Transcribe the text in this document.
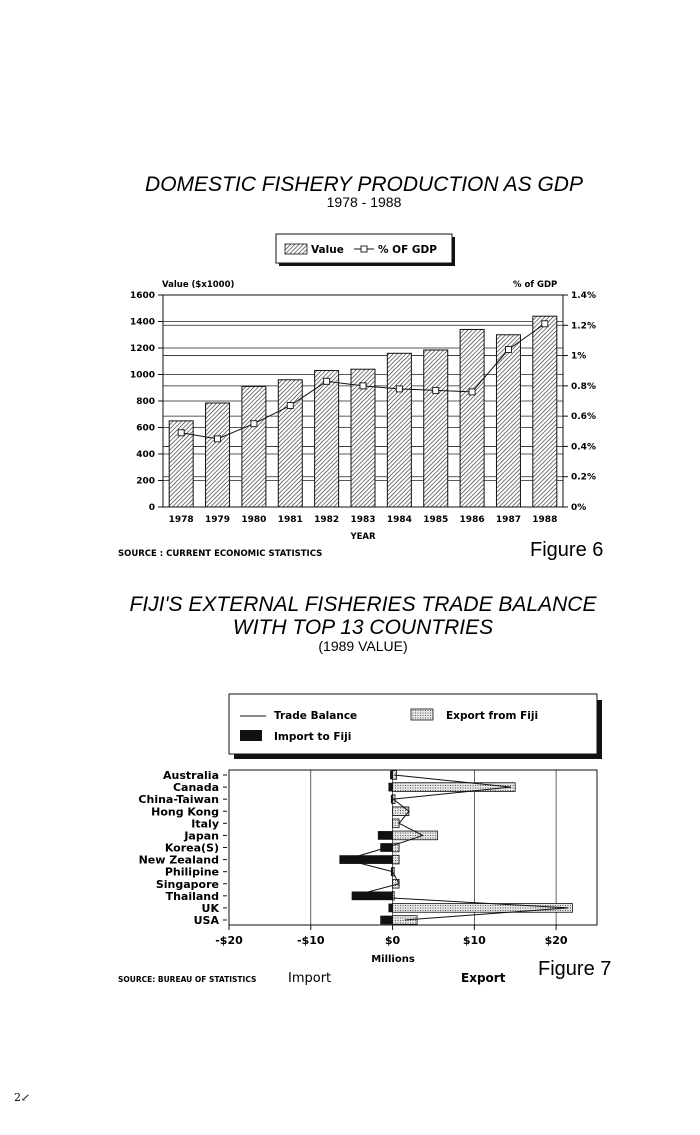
DOMESTIC FISHERY PRODUCTION AS GDP
1978 - 1988
Value	% OF GDP
Value ($x1000)	% of GDP
0
200
400
600
800
1000
1200
1400
1600
0%
0.2%
0.4%
0.6%
0.8%
1%
1.2%
1.4%
1978 1979 1980 1981 1982 1983 1984 1985 1986 1987 1988
YEAR
SOURCE : CURRENT ECONOMIC STATISTICS	Figure 6
FIJI'S EXTERNAL FISHERIES TRADE BALANCE
WITH TOP 13 COUNTRIES
(1989 VALUE)
Trade Balance	Export from Fiji
Import to Fiji
Australia
Canada
China-Taiwan
Hong Kong
Italy
Japan
Korea(S)
New Zealand
Philipine
Singapore
Thailand
UK
USA
-$20	-$10	$0	$10	$20
Millions
SOURCE: BUREAU OF STATISTICS Import	Export Figure 7
2↙
